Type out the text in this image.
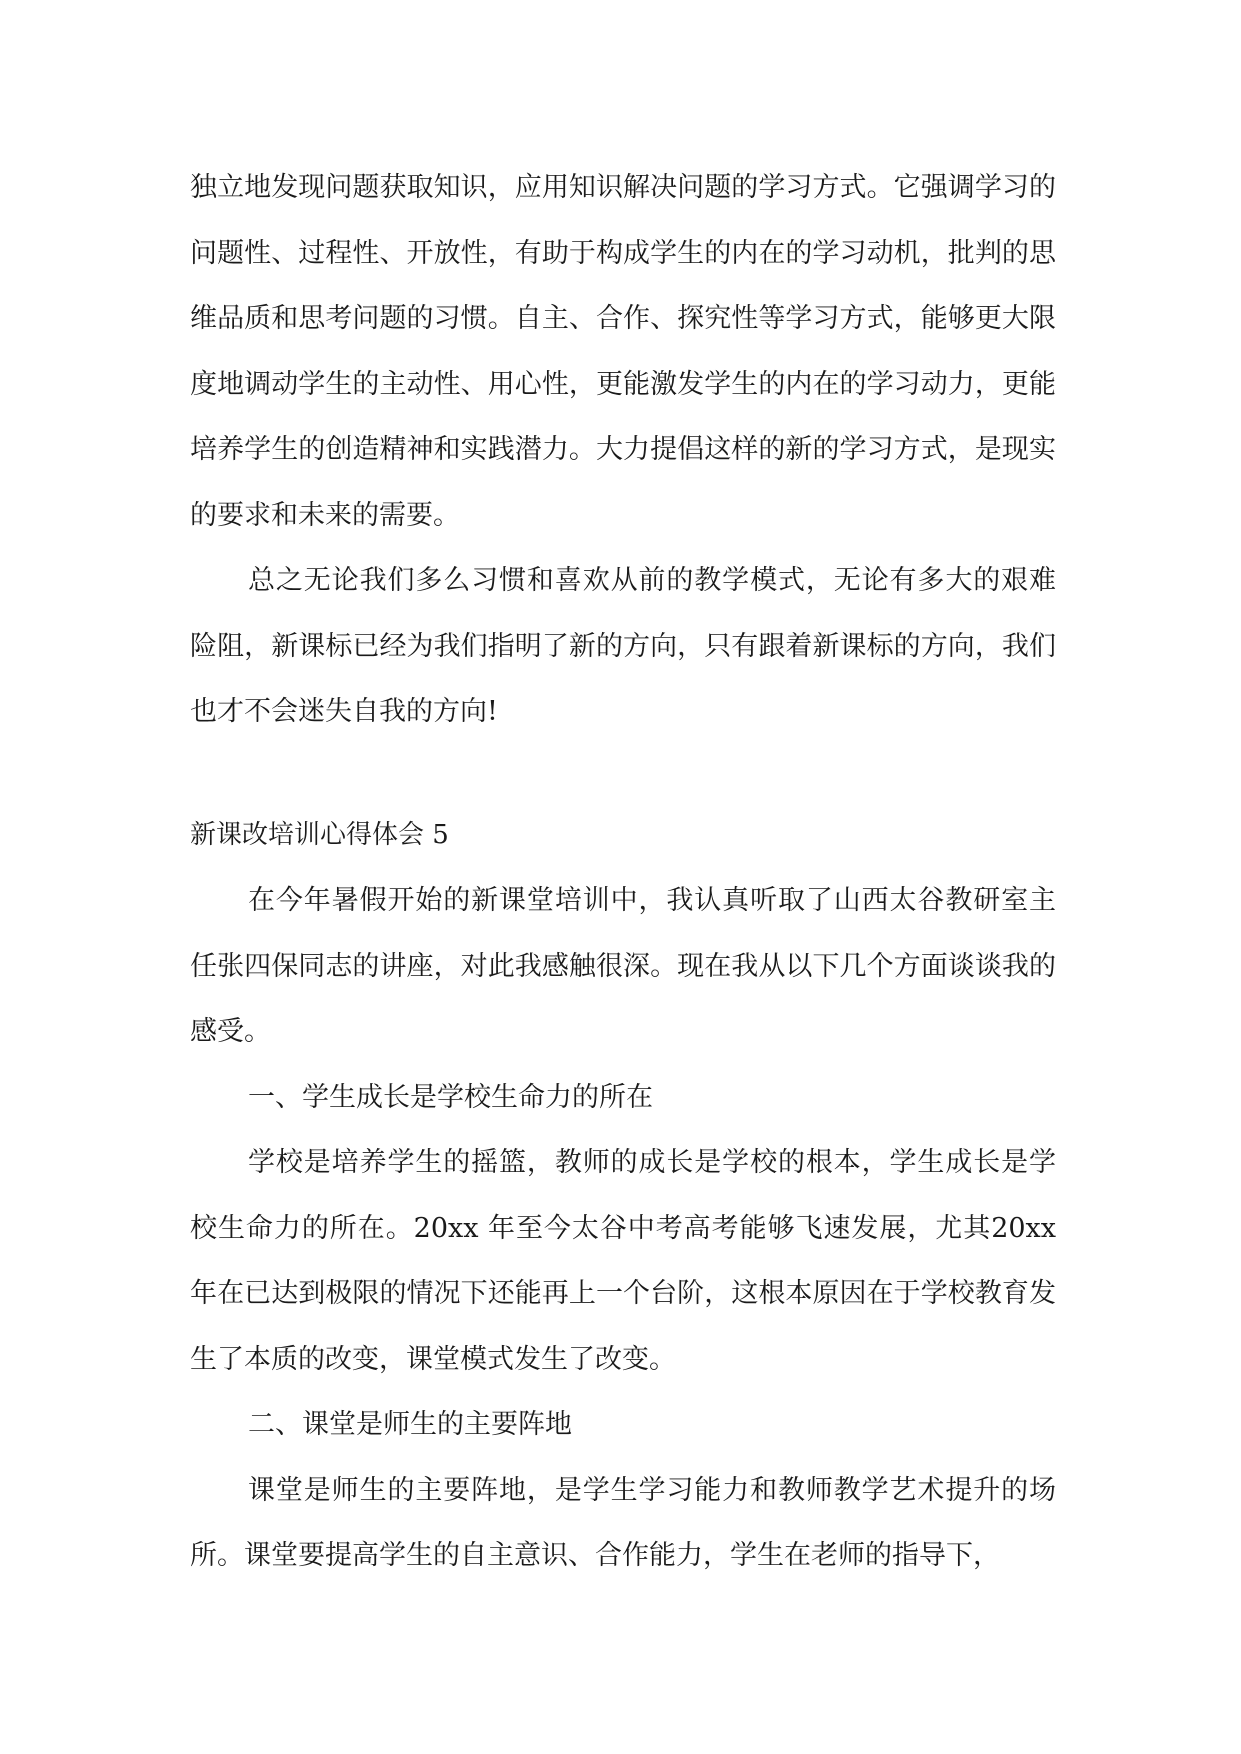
独立地发现问题获取知识，应用知识解决问题的学习方式。它强调学习的问题性、过程性、开放性，有助于构成学生的内在的学习动机，批判的思维品质和思考问题的习惯。自主、合作、探究性等学习方式，能够更大限度地调动学生的主动性、用心性，更能激发学生的内在的学习动力，更能培养学生的创造精神和实践潜力。大力提倡这样的新的学习方式，是现实的要求和未来的需要。

总之无论我们多么习惯和喜欢从前的教学模式，无论有多大的艰难险阻，新课标已经为我们指明了新的方向，只有跟着新课标的方向，我们也才不会迷失自我的方向!

新课改培训心得体会 5

在今年暑假开始的新课堂培训中，我认真听取了山西太谷教研室主任张四保同志的讲座，对此我感触很深。现在我从以下几个方面谈谈我的感受。

一、学生成长是学校生命力的所在

学校是培养学生的摇篮，教师的成长是学校的根本，学生成长是学校生命力的所在。20xx 年至今太谷中考高考能够飞速发展，尤其20xx 年在已达到极限的情况下还能再上一个台阶，这根本原因在于学校教育发生了本质的改变，课堂模式发生了改变。

二、课堂是师生的主要阵地

课堂是师生的主要阵地，是学生学习能力和教师教学艺术提升的场所。课堂要提高学生的自主意识、合作能力，学生在老师的指导下，
